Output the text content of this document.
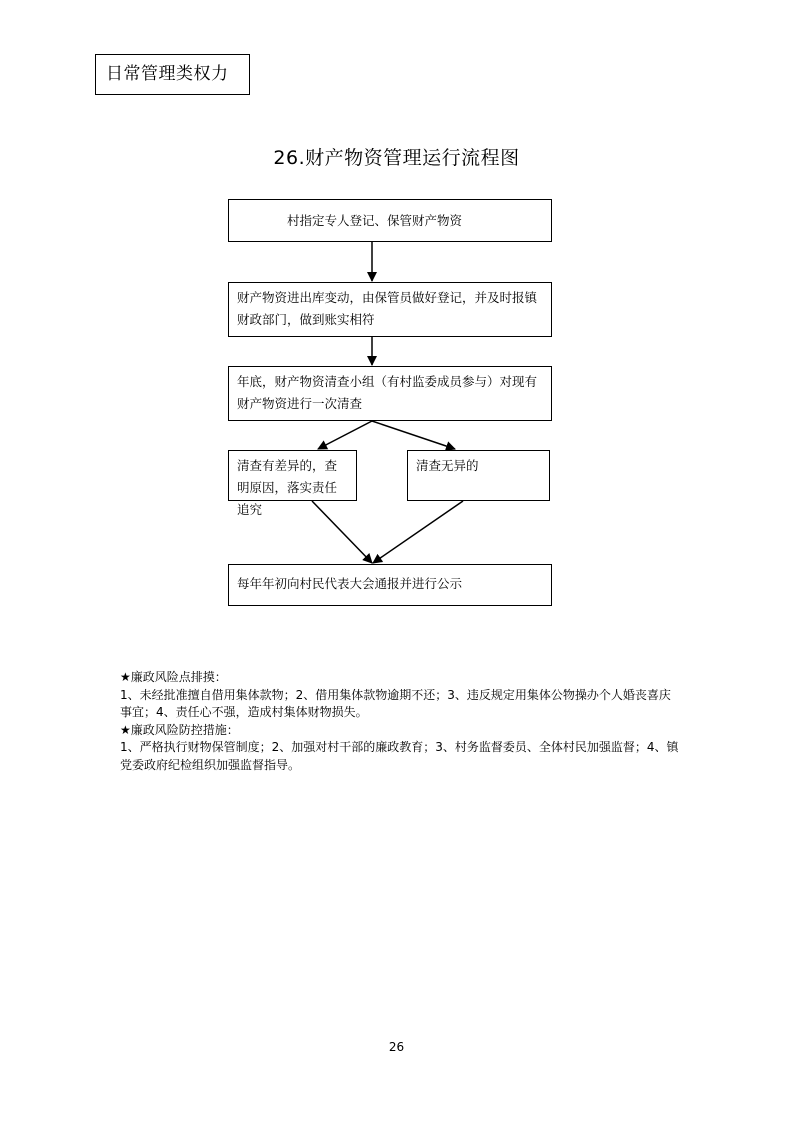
日常管理类权力
26.财产物资管理运行流程图
村指定专人登记、保管财产物资
财产物资进出库变动，由保管员做好登记，并及时报镇财政部门，做到账实相符
年底，财产物资清查小组（有村监委成员参与）对现有财产物资进行一次清查
清查有差异的，查明原因，落实责任追究
清查无异的
每年年初向村民代表大会通报并进行公示

★廉政风险点排摸：

1、未经批准擅自借用集体款物；2、借用集体款物逾期不还；3、违反规定用集体公物操办个人婚丧喜庆事宜；4、责任心不强，造成村集体财物损失。

★廉政风险防控措施：

1、严格执行财物保管制度；2、加强对村干部的廉政教育；3、村务监督委员、全体村民加强监督；4、镇党委政府纪检组织加强监督指导。

26
